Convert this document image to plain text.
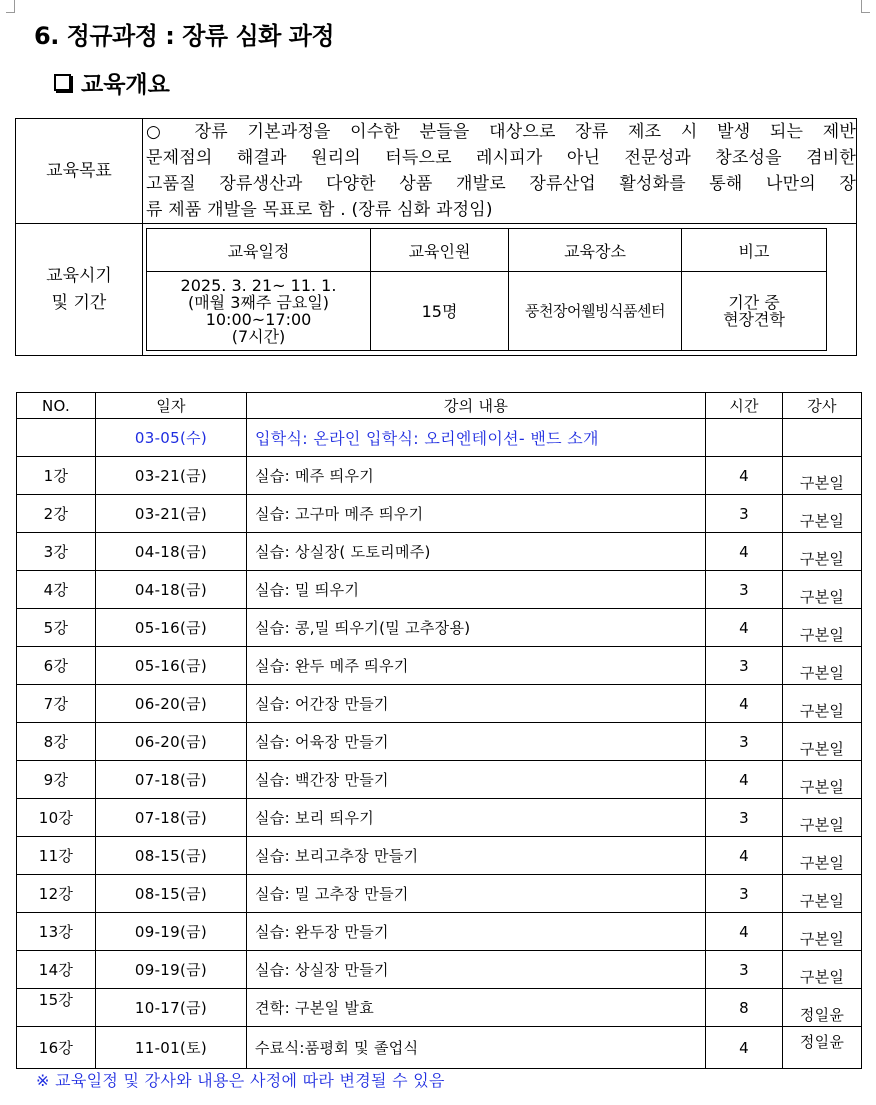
6. 정규과정 : 장류 심화 과정
교육개요
교육목표	
○ 장류 기본과정을 이수한 분들을 대상으로 장류 제조 시 발생 되는 제반
문제점의 해결과 원리의 터득으로 레시피가 아닌 전문성과 창조성을 겸비한
고품질 장류생산과 다양한 상품 개발로 장류산업 활성화를 통해 나만의 장
류 제품 개발을 목표로 함 . (장류 심화 과정임)

교육시기
및 기간

교육일정	교육인원	교육장소	비고

2025. 3. 21~ 11. 1.
(매월 3째주 금요일)
10:00~17:00
(7시간)
	15명	풍천장어웰빙식품센터	기간 중
현장견학
NO.	일자	강의 내용	시간	강사
	03-05(수)	입학식: 온라인 입학식: 오리엔테이션- 밴드 소개		
1강	03-21(금)	실습: 메주 띄우기	4	구본일
2강	03-21(금)	실습: 고구마 메주 띄우기	3	구본일
3강	04-18(금)	실습: 상실장( 도토리메주)	4	구본일
4강	04-18(금)	실습: 밀 띄우기	3	구본일
5강	05-16(금)	실습: 콩,밀 띄우기(밀 고추장용)	4	구본일
6강	05-16(금)	실습: 완두 메주 띄우기	3	구본일
7강	06-20(금)	실습: 어간장 만들기	4	구본일
8강	06-20(금)	실습: 어육장 만들기	3	구본일
9강	07-18(금)	실습: 백간장 만들기	4	구본일
10강	07-18(금)	실습: 보리 띄우기	3	구본일
11강	08-15(금)	실습: 보리고추장 만들기	4	구본일
12강	08-15(금)	실습: 밀 고추장 만들기	3	구본일
13강	09-19(금)	실습: 완두장 만들기	4	구본일
14강	09-19(금)	실습: 상실장 만들기	3	구본일
15강	10-17(금)	견학: 구본일 발효	8	정일윤
16강	11-01(토)	수료식:품평회 및 졸업식	4	정일윤
※ 교육일정 및 강사와 내용은 사정에 따라 변경될 수 있음
